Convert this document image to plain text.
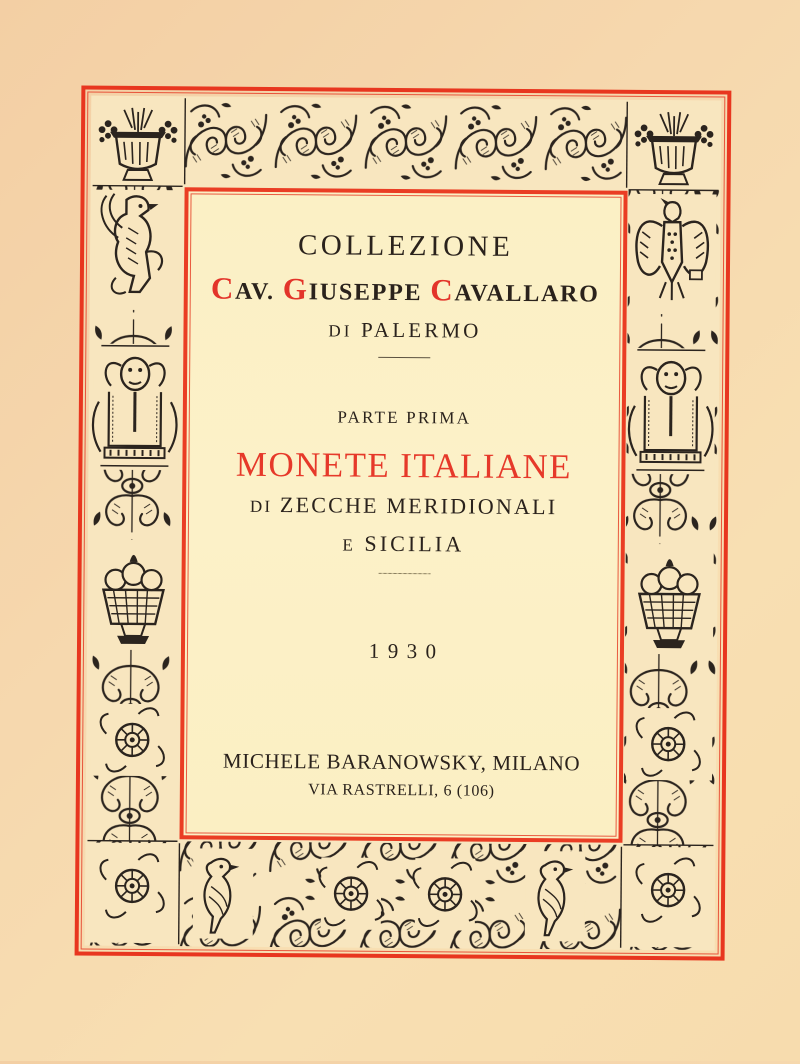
COLLEZIONE
CAV. GIUSEPPE CAVALLARO
DI PALERMO
PARTE PRIMA
MONETE ITALIANE
DI ZECCHE MERIDIONALI
E SICILIA
1930
MICHELE BARANOWSKY, MILANO
VIA RASTRELLI, 6 (106)
